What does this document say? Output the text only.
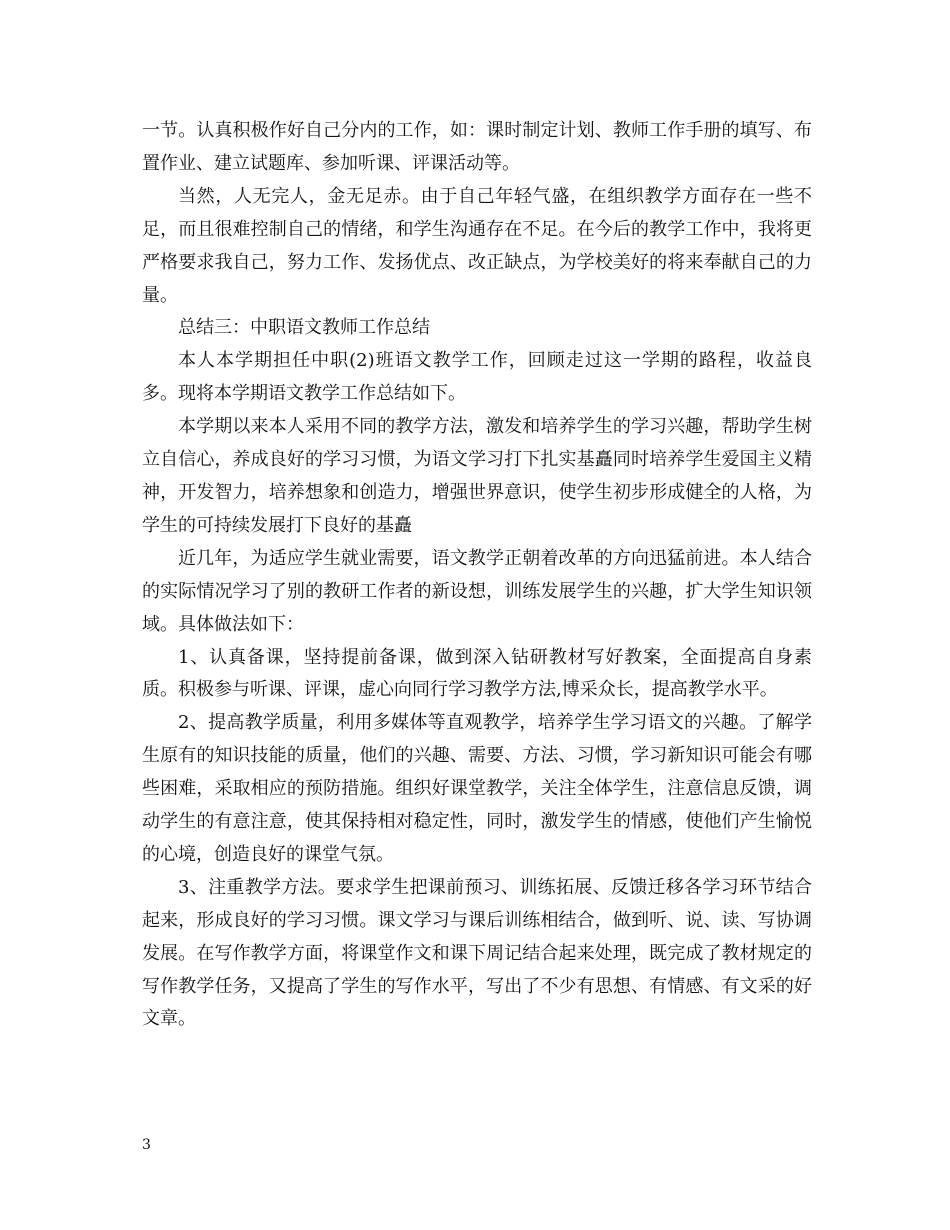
一节。认真积极作好自己分内的工作，如：课时制定计划、教师工作手册的填写、布置作业、建立试题库、参加听课、评课活动等。

当然，人无完人，金无足赤。由于自己年轻气盛，在组织教学方面存在一些不足，而且很难控制自己的情绪，和学生沟通存在不足。在今后的教学工作中，我将更严格要求我自己，努力工作、发扬优点、改正缺点，为学校美好的将来奉献自己的力量。

总结三：中职语文教师工作总结

本人本学期担任中职(2)班语文教学工作，回顾走过这一学期的路程，收益良多。现将本学期语文教学工作总结如下。

本学期以来本人采用不同的教学方法，激发和培养学生的学习兴趣，帮助学生树立自信心，养成良好的学习习惯，为语文学习打下扎实基矗同时培养学生爱国主义精神，开发智力，培养想象和创造力，增强世界意识，使学生初步形成健全的人格，为学生的可持续发展打下良好的基矗

近几年，为适应学生就业需要，语文教学正朝着改革的方向迅猛前进。本人结合的实际情况学习了别的教研工作者的新设想，训练发展学生的兴趣，扩大学生知识领域。具体做法如下：

1、认真备课，坚持提前备课，做到深入钻研教材写好教案，全面提高自身素质。积极参与听课、评课，虚心向同行学习教学方法,博采众长，提高教学水平。

2、提高教学质量，利用多媒体等直观教学，培养学生学习语文的兴趣。了解学生原有的知识技能的质量，他们的兴趣、需要、方法、习惯，学习新知识可能会有哪些困难，采取相应的预防措施。组织好课堂教学，关注全体学生，注意信息反馈，调动学生的有意注意，使其保持相对稳定性，同时，激发学生的情感，使他们产生愉悦的心境，创造良好的课堂气氛。

3、注重教学方法。要求学生把课前预习、训练拓展、反馈迁移各学习环节结合起来，形成良好的学习习惯。课文学习与课后训练相结合，做到听、说、读、写协调发展。在写作教学方面，将课堂作文和课下周记结合起来处理，既完成了教材规定的写作教学任务，又提高了学生的写作水平，写出了不少有思想、有情感、有文采的好文章。

3
